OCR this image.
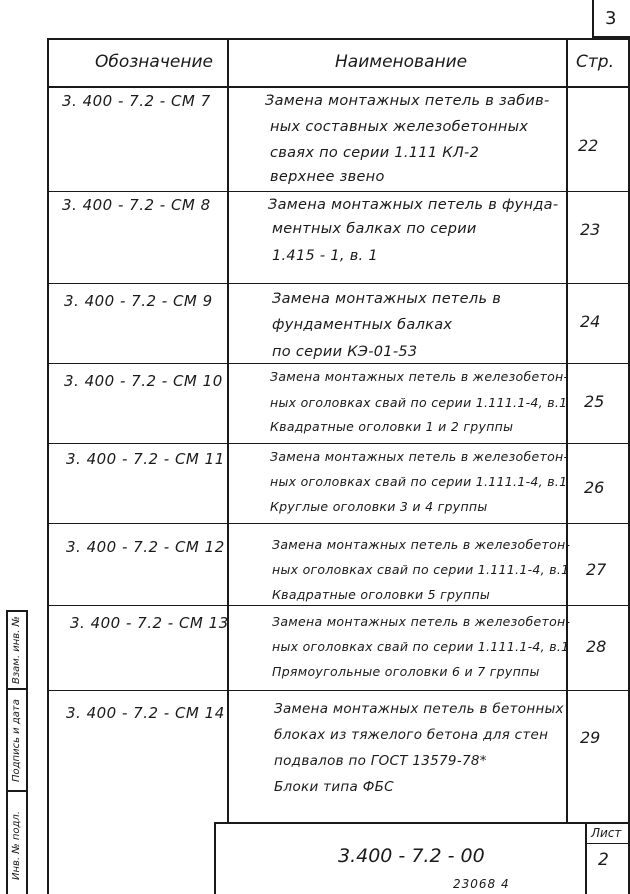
3
Обозначение	Наименование	Стр.
3. 400 - 7.2 - СМ 7	Замена монтажных петель в забив-
ных составных железобетонных
сваях по серии 1.111 КЛ-2
верхнее звено
22
3. 400 - 7.2 - СМ 8	Замена монтажных петель в фунда-
ментных балках по серии
1.415 - 1, в. 1
23
3. 400 - 7.2 - СМ 9	Замена монтажных петель в
фундаментных балках
по серии КЭ-01-53
24
3. 400 - 7.2 - СМ 10	Замена монтажных петель в железобетон-
ных оголовках свай по серии 1.111.1-4, в.1
Квадратные оголовки 1 и 2 группы
25
3. 400 - 7.2 - СМ 11	Замена монтажных петель в железобетон-
ных оголовках свай по серии 1.111.1-4, в.1
Круглые оголовки 3 и 4 группы
26
3. 400 - 7.2 - СМ 12	Замена монтажных петель в железобетон-
ных оголовках свай по серии 1.111.1-4, в.1
Квадратные оголовки 5 группы
27
3. 400 - 7.2 - СМ 13	Замена монтажных петель в железобетон-
ных оголовках свай по серии 1.111.1-4, в.1
Прямоугольные оголовки 6 и 7 группы
28
3. 400 - 7.2 - СМ 14	Замена монтажных петель в бетонных
блоках из тяжелого бетона для стен
подвалов по ГОСТ 13579-78*
Блоки типа ФБС
29
3.400 - 7.2 - 00
Лист
2
Взам. инв. №
Подпись и дата
Инв. № подл.
23068 4
